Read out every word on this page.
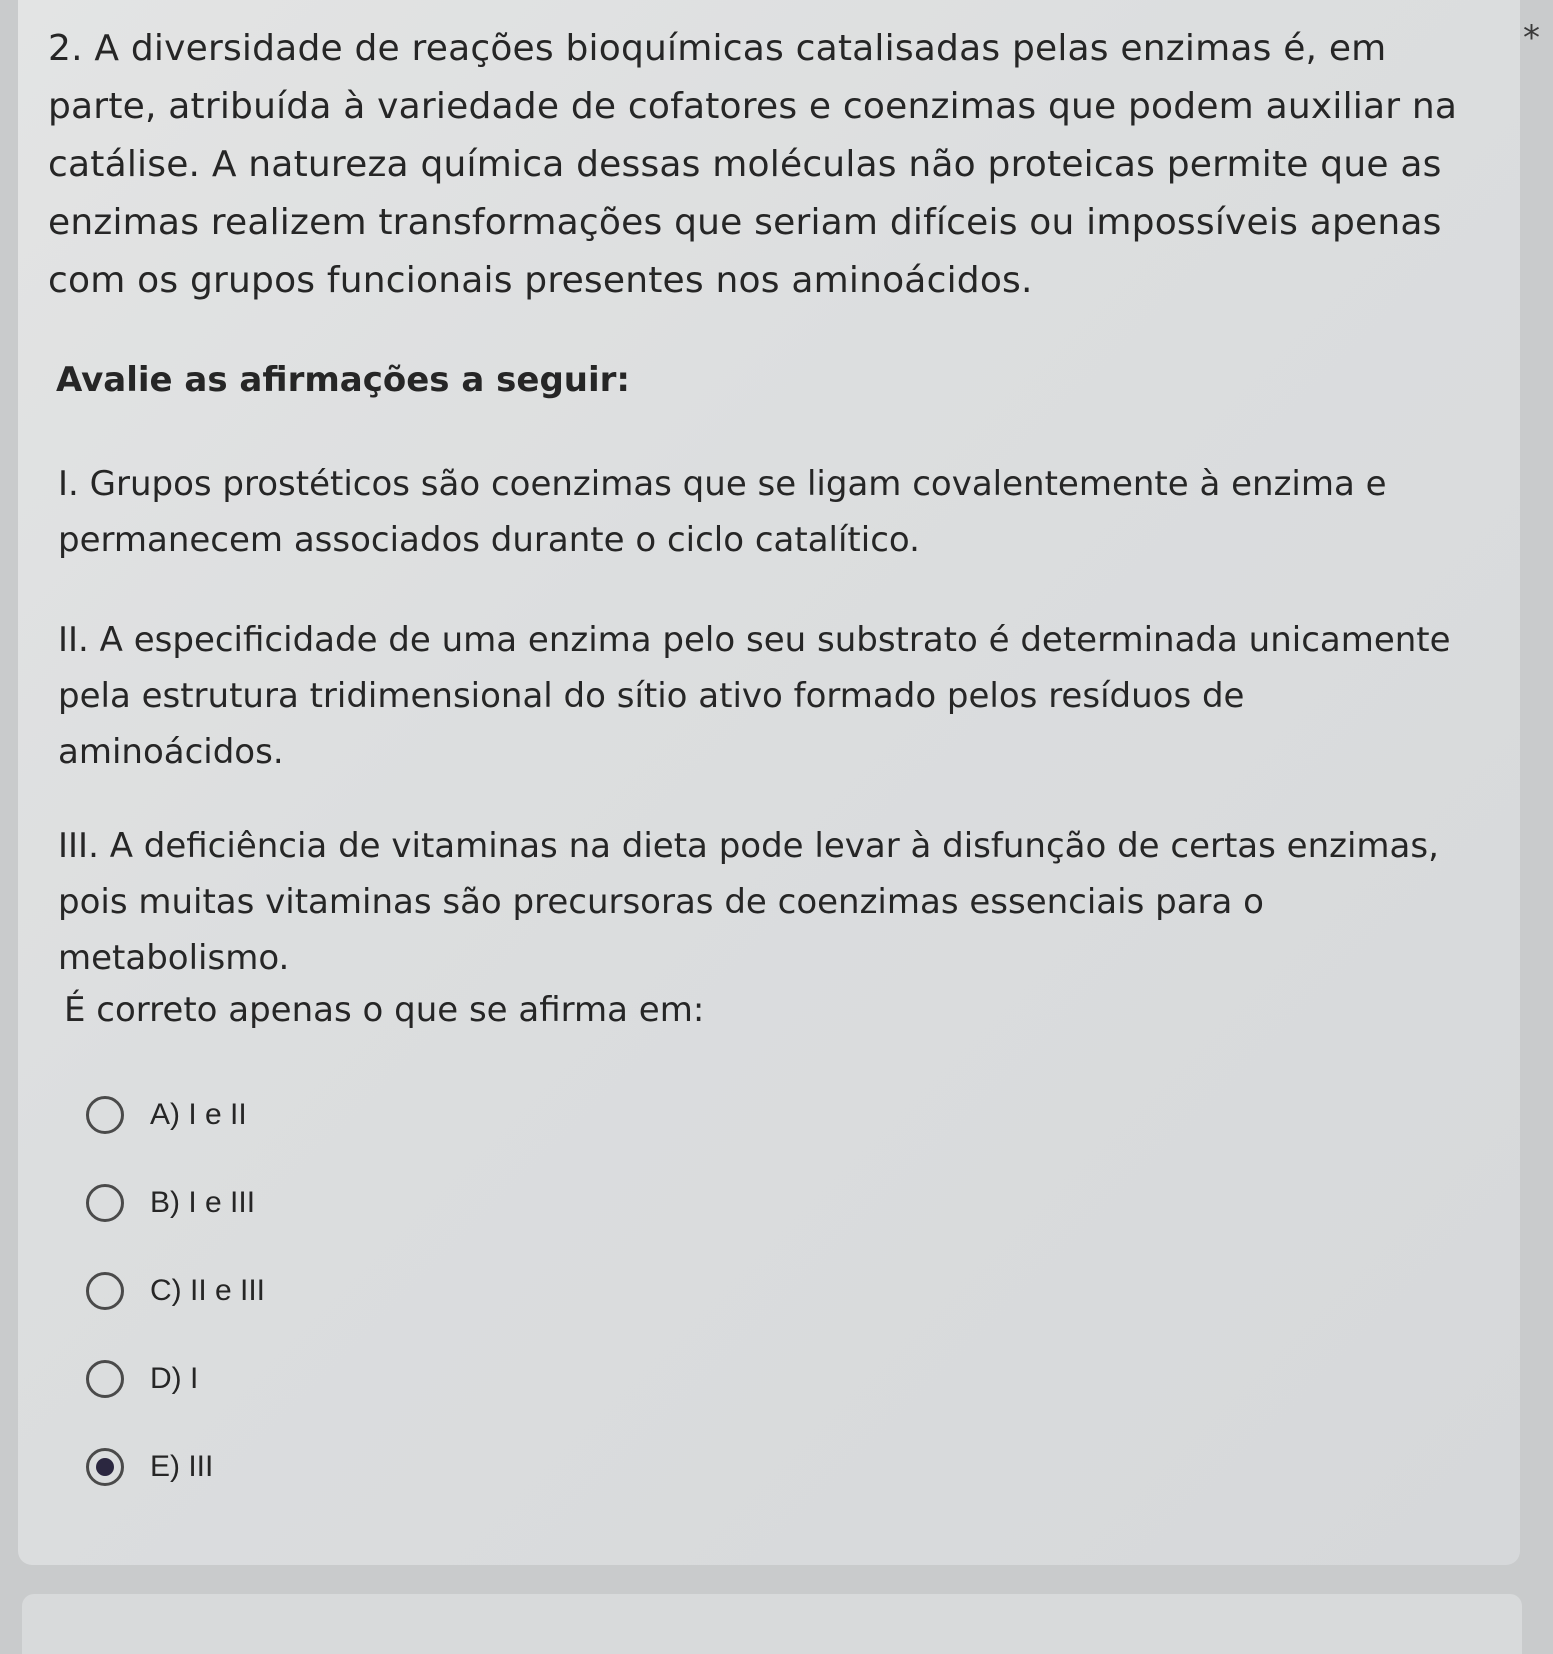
2. A diversidade de reações bioquímicas catalisadas pelas enzimas é, em parte, atribuída à variedade de cofatores e coenzimas que podem auxiliar na catálise. A natureza química dessas moléculas não proteicas permite que as enzimas realizem transformações que seriam difíceis ou impossíveis apenas com os grupos funcionais presentes nos aminoácidos.

*

Avalie as afirmações a seguir:

I. Grupos prostéticos são coenzimas que se ligam covalentemente à enzima e permanecem associados durante o ciclo catalítico.

II. A especificidade de uma enzima pelo seu substrato é determinada unicamente pela estrutura tridimensional do sítio ativo formado pelos resíduos de aminoácidos.

III. A deficiência de vitaminas na dieta pode levar à disfunção de certas enzimas, pois muitas vitaminas são precursoras de coenzimas essenciais para o metabolismo.

É correto apenas o que se afirma em:

A) I e II
B) I e III
C) II e III
D) I
E) III
